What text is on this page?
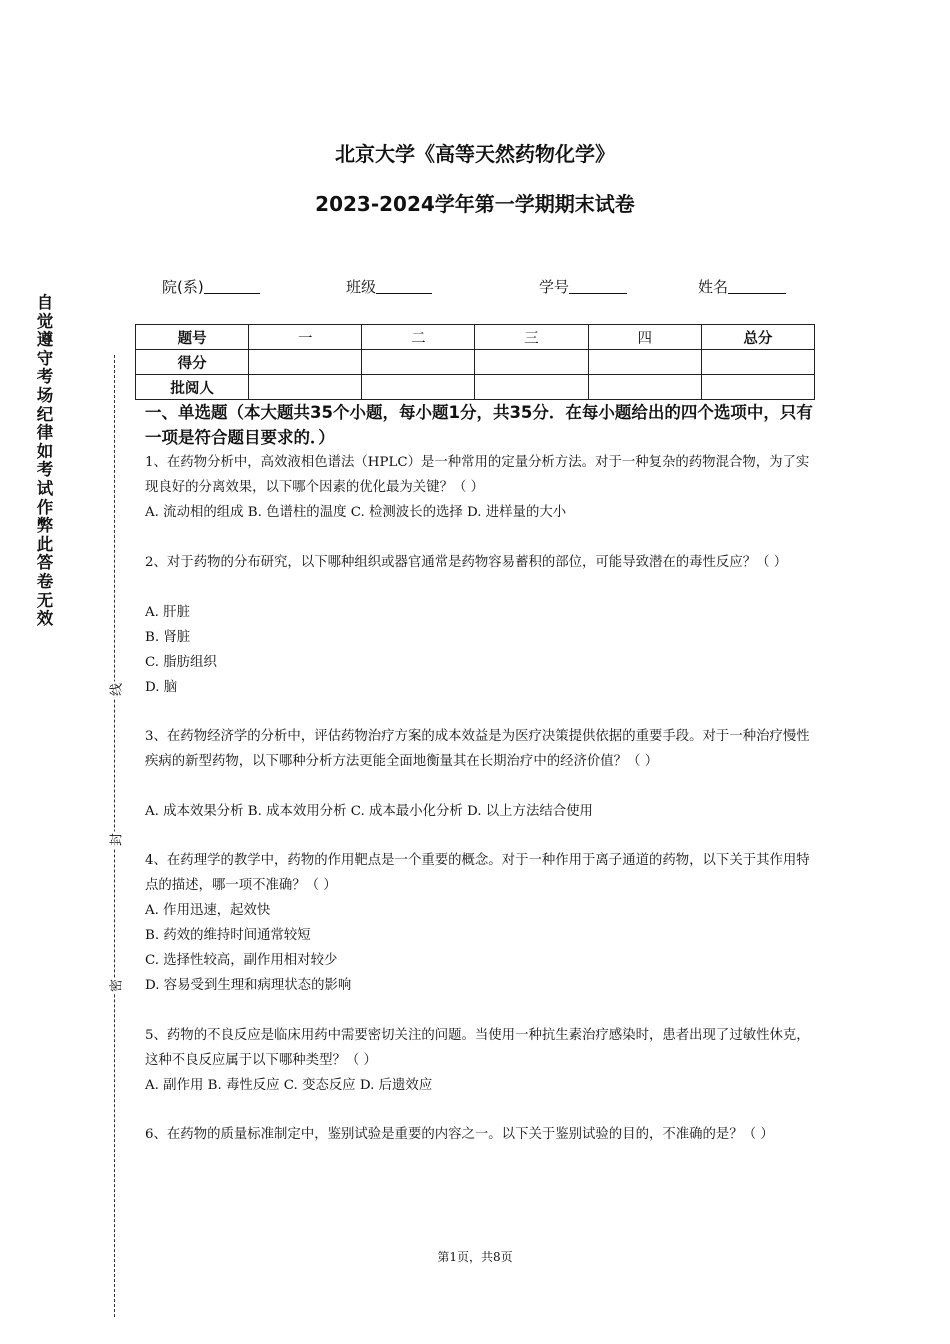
北京大学《高等天然药物化学》
2023-2024学年第一学期期末试卷
自觉遵守考场纪律如考试作弊此答卷无效
线
封
密
院(系)	班级	学号	姓名
题号	一	二	三	四	总分
得分					
批阅人					
一、单选题（本大题共35个小题，每小题1分，共35分．在每小题给出的四个选项中，只有一项是符合题目要求的．）
1、在药物分析中，高效液相色谱法（HPLC）是一种常用的定量分析方法。对于一种复杂的药物混合物，为了实现良好的分离效果，以下哪个因素的优化最为关键？（ ）
A. 流动相的组成 B. 色谱柱的温度 C. 检测波长的选择 D. 进样量的大小
2、对于药物的分布研究，以下哪种组织或器官通常是药物容易蓄积的部位，可能导致潜在的毒性反应？（ ）
A. 肝脏
B. 肾脏
C. 脂肪组织
D. 脑
3、在药物经济学的分析中，评估药物治疗方案的成本效益是为医疗决策提供依据的重要手段。对于一种治疗慢性疾病的新型药物，以下哪种分析方法更能全面地衡量其在长期治疗中的经济价值？（ ）
A. 成本效果分析 B. 成本效用分析 C. 成本最小化分析 D. 以上方法结合使用
4、在药理学的教学中，药物的作用靶点是一个重要的概念。对于一种作用于离子通道的药物，以下关于其作用特点的描述，哪一项不准确？（ ）
A. 作用迅速，起效快
B. 药效的维持时间通常较短
C. 选择性较高，副作用相对较少
D. 容易受到生理和病理状态的影响
5、药物的不良反应是临床用药中需要密切关注的问题。当使用一种抗生素治疗感染时，患者出现了过敏性休克，这种不良反应属于以下哪种类型？（ ）
A. 副作用 B. 毒性反应 C. 变态反应 D. 后遗效应
6、在药物的质量标准制定中，鉴别试验是重要的内容之一。以下关于鉴别试验的目的，不准确的是？（ ）
第1页，共8页
